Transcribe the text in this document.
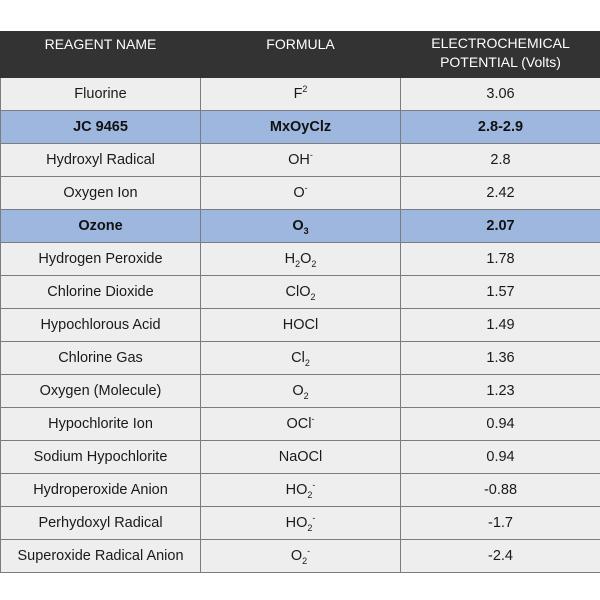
REAGENT NAME	FORMULA	ELECTROCHEMICAL POTENTIAL (Volts)
Fluorine	$F^2$	3.06
JC 9465	MxOyClz	2.8-2.9
Hydroxyl Radical	OH-	2.8
Oxygen Ion	O-	2.42
Ozone	$O_3$	2.07
Hydrogen Peroxide	$H_2O_2$	1.78
Chlorine Dioxide	ClO$_2$	1.57
Hypochlorous Acid	HOCl	1.49
Chlorine Gas	$Cl_2$	1.36
Oxygen (Molecule)	$O_2$	1.23
Hypochlorite Ion	OCl-	0.94
Sodium Hypochlorite	NaOCl	0.94
Hydroperoxide Anion	$HO_2^-$	-0.88
Perhydoxyl Radical	$HO_2^-$	-1.7
Superoxide Radical Anion	$O_2^-$	-2.4
